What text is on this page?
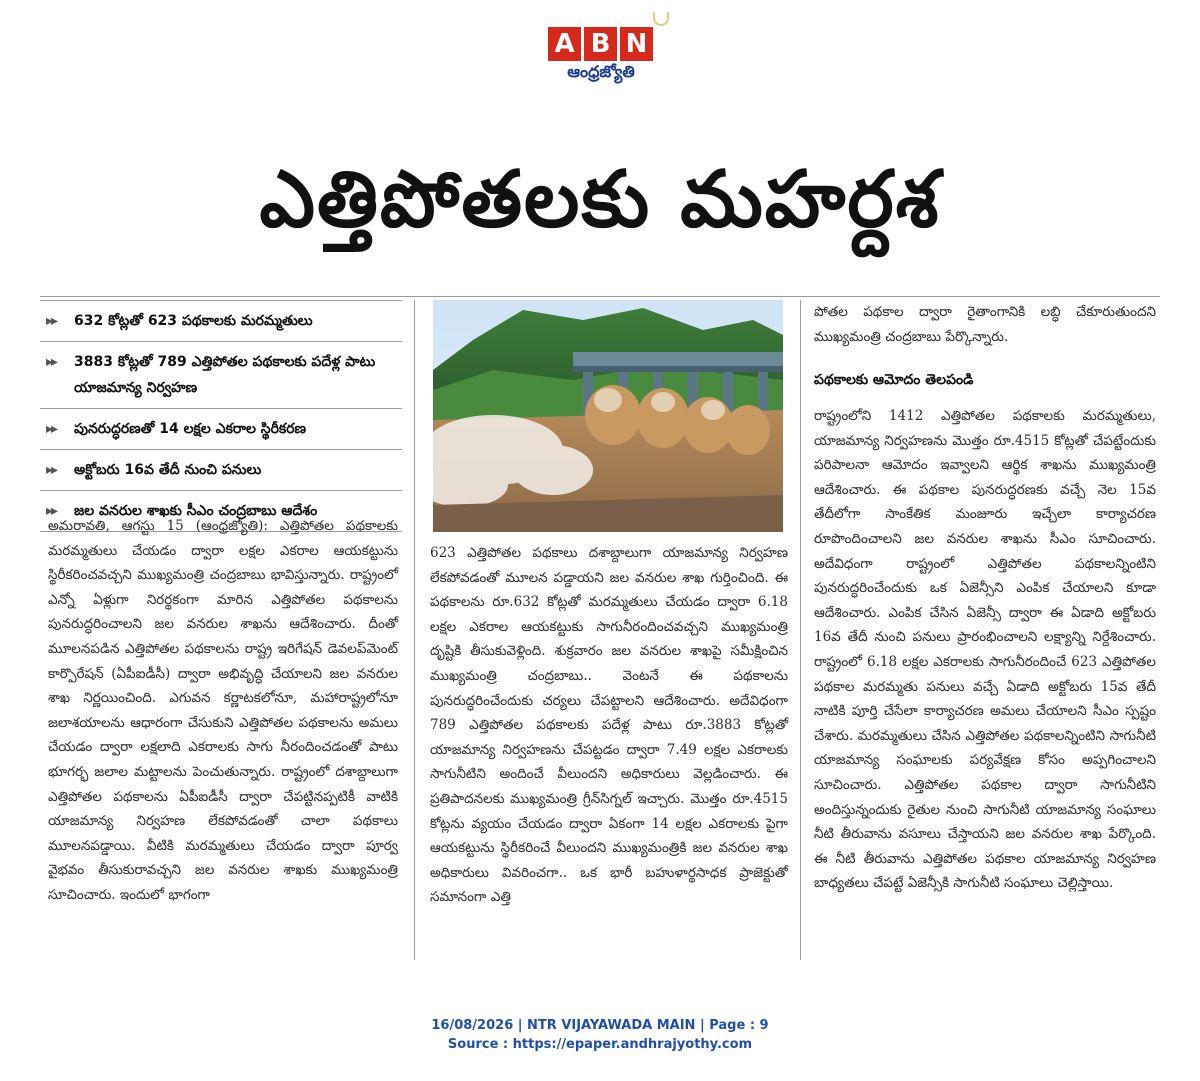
A B N
ఆంధ్రజ్యోతి
ఎత్తిపోతలకు మహర్దశ
▸▸ 632 కోట్లతో 623 పథకాలకు మరమ్మతులు
▸▸ 3883 కోట్లతో 789 ఎత్తిపోతల పథకాలకు పదేళ్ల పాటు యాజమాన్య నిర్వహణ
▸▸ పునరుద్ధరణతో 14 లక్షల ఎకరాల స్థిరీకరణ
▸▸ అక్టోబరు 16వ తేదీ నుంచి పనులు
▸▸ జల వనరుల శాఖకు సీఎం చంద్రబాబు ఆదేశం
అమరావతి, ఆగస్టు 15 (ఆంధ్రజ్యోతి): ఎత్తిపోతల పథకాలకు మరమ్మతులు చేయడం ద్వారా లక్షల ఎకరాల ఆయకట్టును స్థిరీకరించవచ్చని ముఖ్యమంత్రి చంద్రబాబు భావిస్తున్నారు. రాష్ట్రంలో ఎన్నో ఏళ్లుగా నిరర్థకంగా మారిన ఎత్తిపోతల పథకాలను పునరుద్ధరించాలని జల వనరుల శాఖను ఆదేశించారు. దీంతో మూలనపడిన ఎత్తిపోతల పథకాలను రాష్ట్ర ఇరిగేషన్ డెవలప్‌మెంట్ కార్పొరేషన్ (ఏపీఐడీసీ) ద్వారా అభివృద్ధి చేయాలని జల వనరుల శాఖ నిర్ణయించింది. ఎగువన కర్ణాటకలోనూ, మహారాష్ట్రలోనూ జలాశయాలను ఆధారంగా చేసుకుని ఎత్తిపోతల పథకాలను అమలు చేయడం ద్వారా లక్షలాది ఎకరాలకు సాగు నీరందించడంతో పాటు భూగర్భ జలాల మట్టాలను పెంచుతున్నారు. రాష్ట్రంలో దశాబ్దాలుగా ఎత్తిపోతల పథకాలను ఏపీఐడీసీ ద్వారా చేపట్టినప్పటికీ వాటికి యాజమాన్య నిర్వహణ లేకపోవడంతో చాలా పథకాలు మూలనపడ్డాయి. వీటికి మరమ్మతులు చేయడం ద్వారా పూర్వ వైభవం తీసుకురావచ్చని జల వనరుల శాఖకు ముఖ్యమంత్రి సూచించారు. ఇందులో భాగంగా
623 ఎత్తిపోతల పథకాలు దశాబ్దాలుగా యాజమాన్య నిర్వహణ లేకపోవడంతో మూలన పడ్డాయని జల వనరుల శాఖ గుర్తించింది. ఈ పథకాలను రూ.632 కోట్లతో మరమ్మతులు చేయడం ద్వారా 6.18 లక్షల ఎకరాల ఆయకట్టుకు సాగునీరందించవచ్చని ముఖ్యమంత్రి దృష్టికి తీసుకువెళ్లింది. శుక్రవారం జల వనరుల శాఖపై సమీక్షించిన ముఖ్యమంత్రి చంద్రబాబు.. వెంటనే ఈ పథకాలను పునరుద్ధరించేందుకు చర్యలు చేపట్టాలని ఆదేశించారు. అదేవిధంగా 789 ఎత్తిపోతల పథకాలకు పదేళ్ల పాటు రూ.3883 కోట్లతో యాజమాన్య నిర్వహణను చేపట్టడం ద్వారా 7.49 లక్షల ఎకరాలకు సాగునీటిని అందించే వీలుందని అధికారులు వెల్లడించారు. ఈ ప్రతిపాదనలకు ముఖ్యమంత్రి గ్రీన్‌సిగ్నల్ ఇచ్చారు. మొత్తం రూ.4515 కోట్లను వ్యయం చేయడం ద్వారా ఏకంగా 14 లక్షల ఎకరాలకు పైగా ఆయకట్టును స్థిరీకరించే వీలుందని ముఖ్యమంత్రికి జల వనరుల శాఖ అధికారులు వివరించగా.. ఒక భారీ బహుళార్థసాధక ప్రాజెక్టుతో సమానంగా ఎత్తి
పోతల పథకాల ద్వారా రైతాంగానికి లబ్ధి చేకూరుతుందని ముఖ్యమంత్రి చంద్రబాబు పేర్కొన్నారు.
పథకాలకు ఆమోదం తెలపండి
రాష్ట్రంలోని 1412 ఎత్తిపోతల పథకాలకు మరమ్మతులు, యాజమాన్య నిర్వహణను మొత్తం రూ.4515 కోట్లతో చేపట్టేందుకు పరిపాలనా ఆమోదం ఇవ్వాలని ఆర్థిక శాఖను ముఖ్యమంత్రి ఆదేశించారు. ఈ పథకాల పునరుద్ధరణకు వచ్చే నెల 15వ తేదీలోగా సాంకేతిక మంజూరు ఇచ్చేలా కార్యాచరణ రూపొందించాలని జల వనరుల శాఖను సీఎం సూచించారు. అదేవిధంగా రాష్ట్రంలో ఎత్తిపోతల పథకాలన్నింటిని పునరుద్ధరించేందుకు ఒక ఏజెన్సీని ఎంపిక చేయాలని కూడా ఆదేశించారు. ఎంపిక చేసిన ఏజెన్సీ ద్వారా ఈ ఏడాది అక్టోబరు 16వ తేదీ నుంచి పనులు ప్రారంభించాలని లక్ష్యాన్ని నిర్దేశించారు. రాష్ట్రంలో 6.18 లక్షల ఎకరాలకు సాగునీరందించే 623 ఎత్తిపోతల పథకాల మరమ్మతు పనులు వచ్చే ఏడాది అక్టోబరు 15వ తేదీ నాటికి పూర్తి చేసేలా కార్యాచరణ అమలు చేయాలని సీఎం స్పష్టం చేశారు. మరమ్మతులు చేసిన ఎత్తిపోతల పథకాలన్నింటిని సాగునీటి యాజమాన్య సంఘాలకు పర్యవేక్షణ కోసం అప్పగించాలని సూచించారు. ఎత్తిపోతల పథకాల ద్వారా సాగునీటిని అందిస్తున్నందుకు రైతుల నుంచి సాగునీటి యాజమాన్య సంఘాలు నీటి తీరువాను వసూలు చేస్తాయని జల వనరుల శాఖ పేర్కొంది. ఈ నీటి తీరువాను ఎత్తిపోతల పథకాల యాజమాన్య నిర్వహణ బాధ్యతలు చేపట్టే ఏజెన్సీకి సాగునీటి సంఘాలు చెల్లిస్తాయి.
16/08/2026 | NTR VIJAYAWADA MAIN | Page : 9
Source : https://epaper.andhrajyothy.com
